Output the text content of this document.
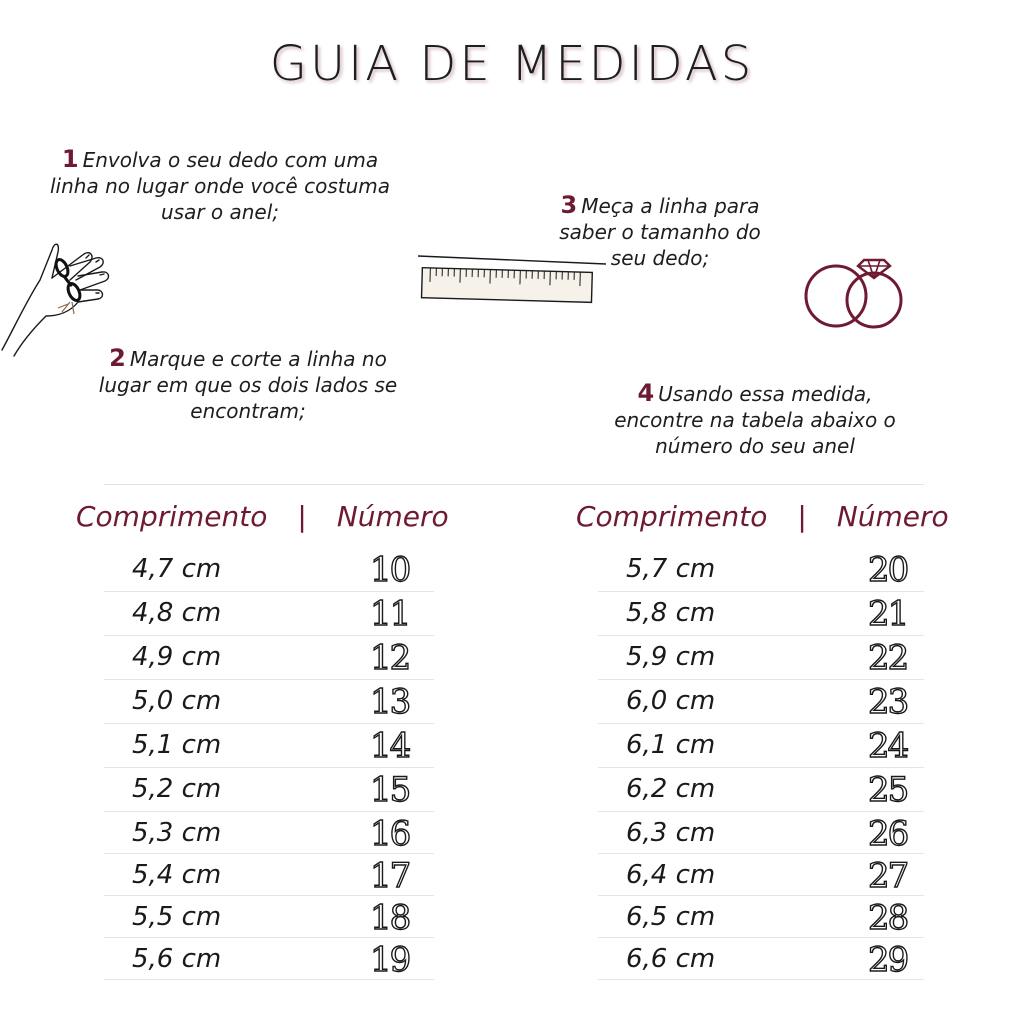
GUIA DE MEDIDAS
1 Envolva o seu dedo com uma linha no lugar onde você costuma usar o anel;
2 Marque e corte a linha no lugar em que os dois lados se encontram;
3 Meça a linha para saber o tamanho do seu dedo;
4 Usando essa medida, encontre na tabela abaixo o número do seu anel
Comprimento | Número	Comprimento | Número
4,7 cm	10
4,8 cm	11
4,9 cm	12
5,0 cm	13
5,1 cm	14
5,2 cm	15
5,3 cm	16
5,4 cm	17
5,5 cm	18
5,6 cm	19
5,7 cm	20
5,8 cm	21
5,9 cm	22
6,0 cm	23
6,1 cm	24
6,2 cm	25
6,3 cm	26
6,4 cm	27
6,5 cm	28
6,6 cm	29
